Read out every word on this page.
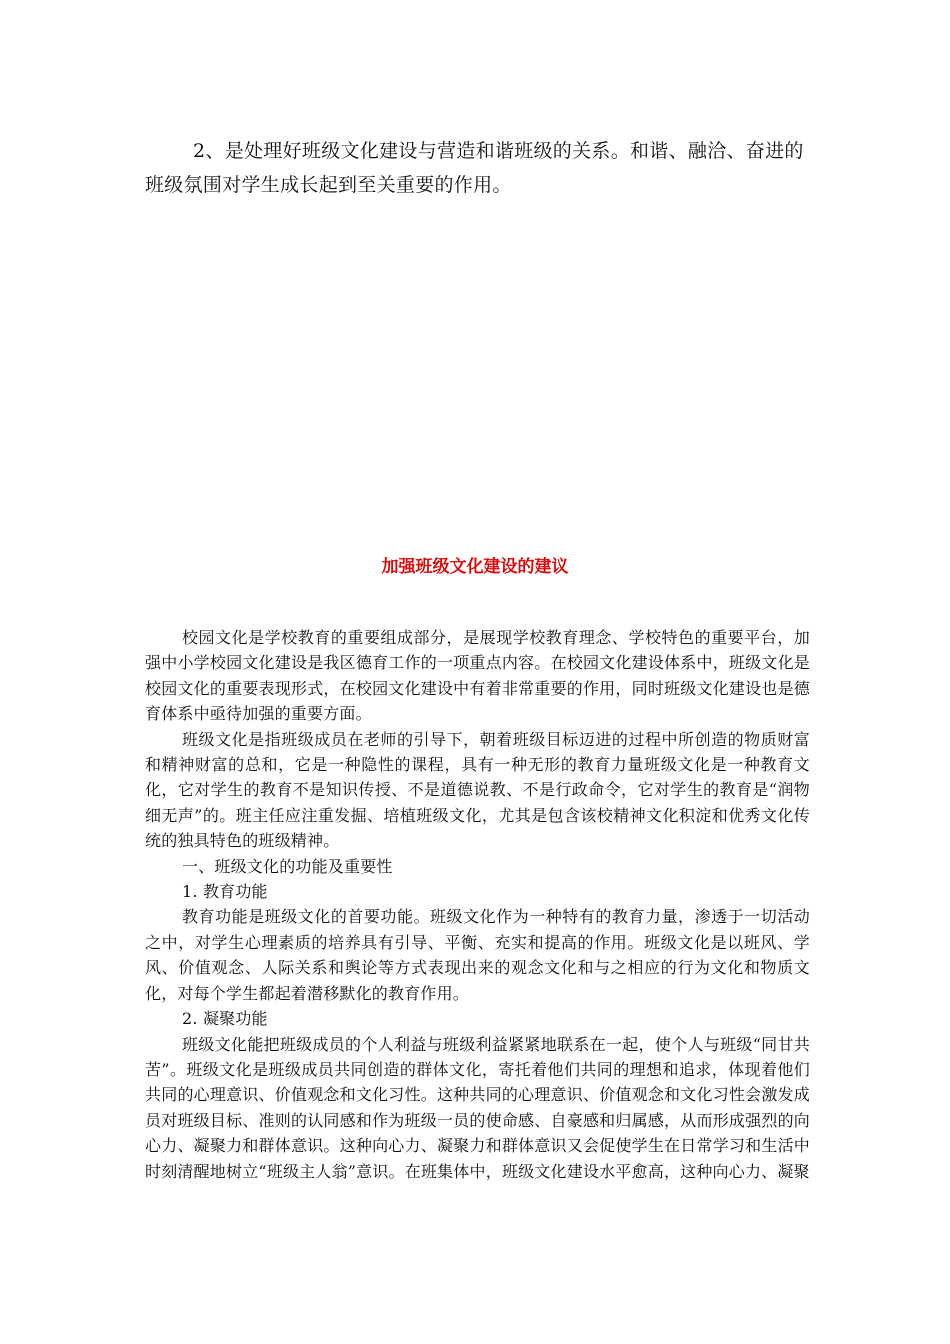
2、是处理好班级文化建设与营造和谐班级的关系。和谐、融洽、奋进的班级氛围对学生成长起到至关重要的作用。

加强班级文化建设的建议

校园文化是学校教育的重要组成部分，是展现学校教育理念、学校特色的重要平台，加强中小学校园文化建设是我区德育工作的一项重点内容。在校园文化建设体系中，班级文化是校园文化的重要表现形式，在校园文化建设中有着非常重要的作用，同时班级文化建设也是德育体系中亟待加强的重要方面。

班级文化是指班级成员在老师的引导下，朝着班级目标迈进的过程中所创造的物质财富和精神财富的总和，它是一种隐性的课程，具有一种无形的教育力量班级文化是一种教育文化，它对学生的教育不是知识传授、不是道德说教、不是行政命令，它对学生的教育是“润物细无声”的。班主任应注重发掘、培植班级文化，尤其是包含该校精神文化积淀和优秀文化传统的独具特色的班级精神。

一、班级文化的功能及重要性

1. 教育功能

教育功能是班级文化的首要功能。班级文化作为一种特有的教育力量，渗透于一切活动之中，对学生心理素质的培养具有引导、平衡、充实和提高的作用。班级文化是以班风、学风、价值观念、人际关系和舆论等方式表现出来的观念文化和与之相应的行为文化和物质文化，对每个学生都起着潜移默化的教育作用。

2. 凝聚功能

班级文化能把班级成员的个人利益与班级利益紧紧地联系在一起，使个人与班级“同甘共苦”。班级文化是班级成员共同创造的群体文化，寄托着他们共同的理想和追求，体现着他们共同的心理意识、价值观念和文化习性。这种共同的心理意识、价值观念和文化习性会激发成员对班级目标、准则的认同感和作为班级一员的使命感、自豪感和归属感，从而形成强烈的向心力、凝聚力和群体意识。这种向心力、凝聚力和群体意识又会促使学生在日常学习和生活中时刻清醒地树立“班级主人翁”意识。在班集体中，班级文化建设水平愈高，这种向心力、凝聚
